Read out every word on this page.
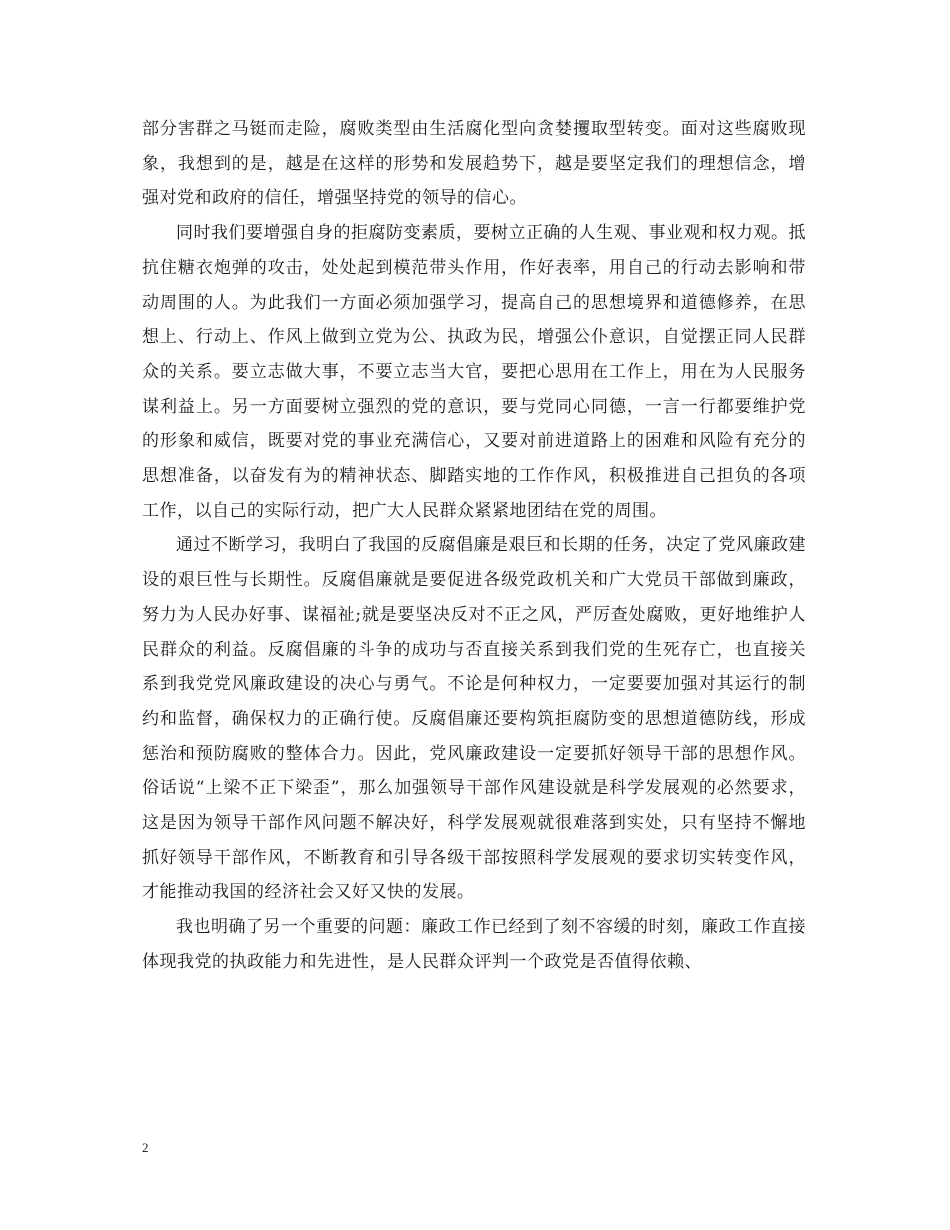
部分害群之马铤而走险，腐败类型由生活腐化型向贪婪攫取型转变。面对这些腐败现象，我想到的是，越是在这样的形势和发展趋势下，越是要坚定我们的理想信念，增强对党和政府的信任，增强坚持党的领导的信心。

同时我们要增强自身的拒腐防变素质，要树立正确的人生观、事业观和权力观。抵抗住糖衣炮弹的攻击，处处起到模范带头作用，作好表率，用自己的行动去影响和带动周围的人。为此我们一方面必须加强学习，提高自己的思想境界和道德修养，在思想上、行动上、作风上做到立党为公、执政为民，增强公仆意识，自觉摆正同人民群众的关系。要立志做大事，不要立志当大官，要把心思用在工作上，用在为人民服务谋利益上。另一方面要树立强烈的党的意识，要与党同心同德，一言一行都要维护党的形象和威信，既要对党的事业充满信心，又要对前进道路上的困难和风险有充分的思想准备，以奋发有为的精神状态、脚踏实地的工作作风，积极推进自己担负的各项工作，以自己的实际行动，把广大人民群众紧紧地团结在党的周围。

通过不断学习，我明白了我国的反腐倡廉是艰巨和长期的任务，决定了党风廉政建设的艰巨性与长期性。反腐倡廉就是要促进各级党政机关和广大党员干部做到廉政，努力为人民办好事、谋福祉;就是要坚决反对不正之风，严厉查处腐败，更好地维护人民群众的利益。反腐倡廉的斗争的成功与否直接关系到我们党的生死存亡，也直接关系到我党党风廉政建设的决心与勇气。不论是何种权力，一定要要加强对其运行的制约和监督，确保权力的正确行使。反腐倡廉还要构筑拒腐防变的思想道德防线，形成惩治和预防腐败的整体合力。因此，党风廉政建设一定要抓好领导干部的思想作风。俗话说“上梁不正下梁歪”，那么加强领导干部作风建设就是科学发展观的必然要求，这是因为领导干部作风问题不解决好，科学发展观就很难落到实处，只有坚持不懈地抓好领导干部作风，不断教育和引导各级干部按照科学发展观的要求切实转变作风，才能推动我国的经济社会又好又快的发展。

我也明确了另一个重要的问题：廉政工作已经到了刻不容缓的时刻，廉政工作直接体现我党的执政能力和先进性，是人民群众评判一个政党是否值得依赖、

2
